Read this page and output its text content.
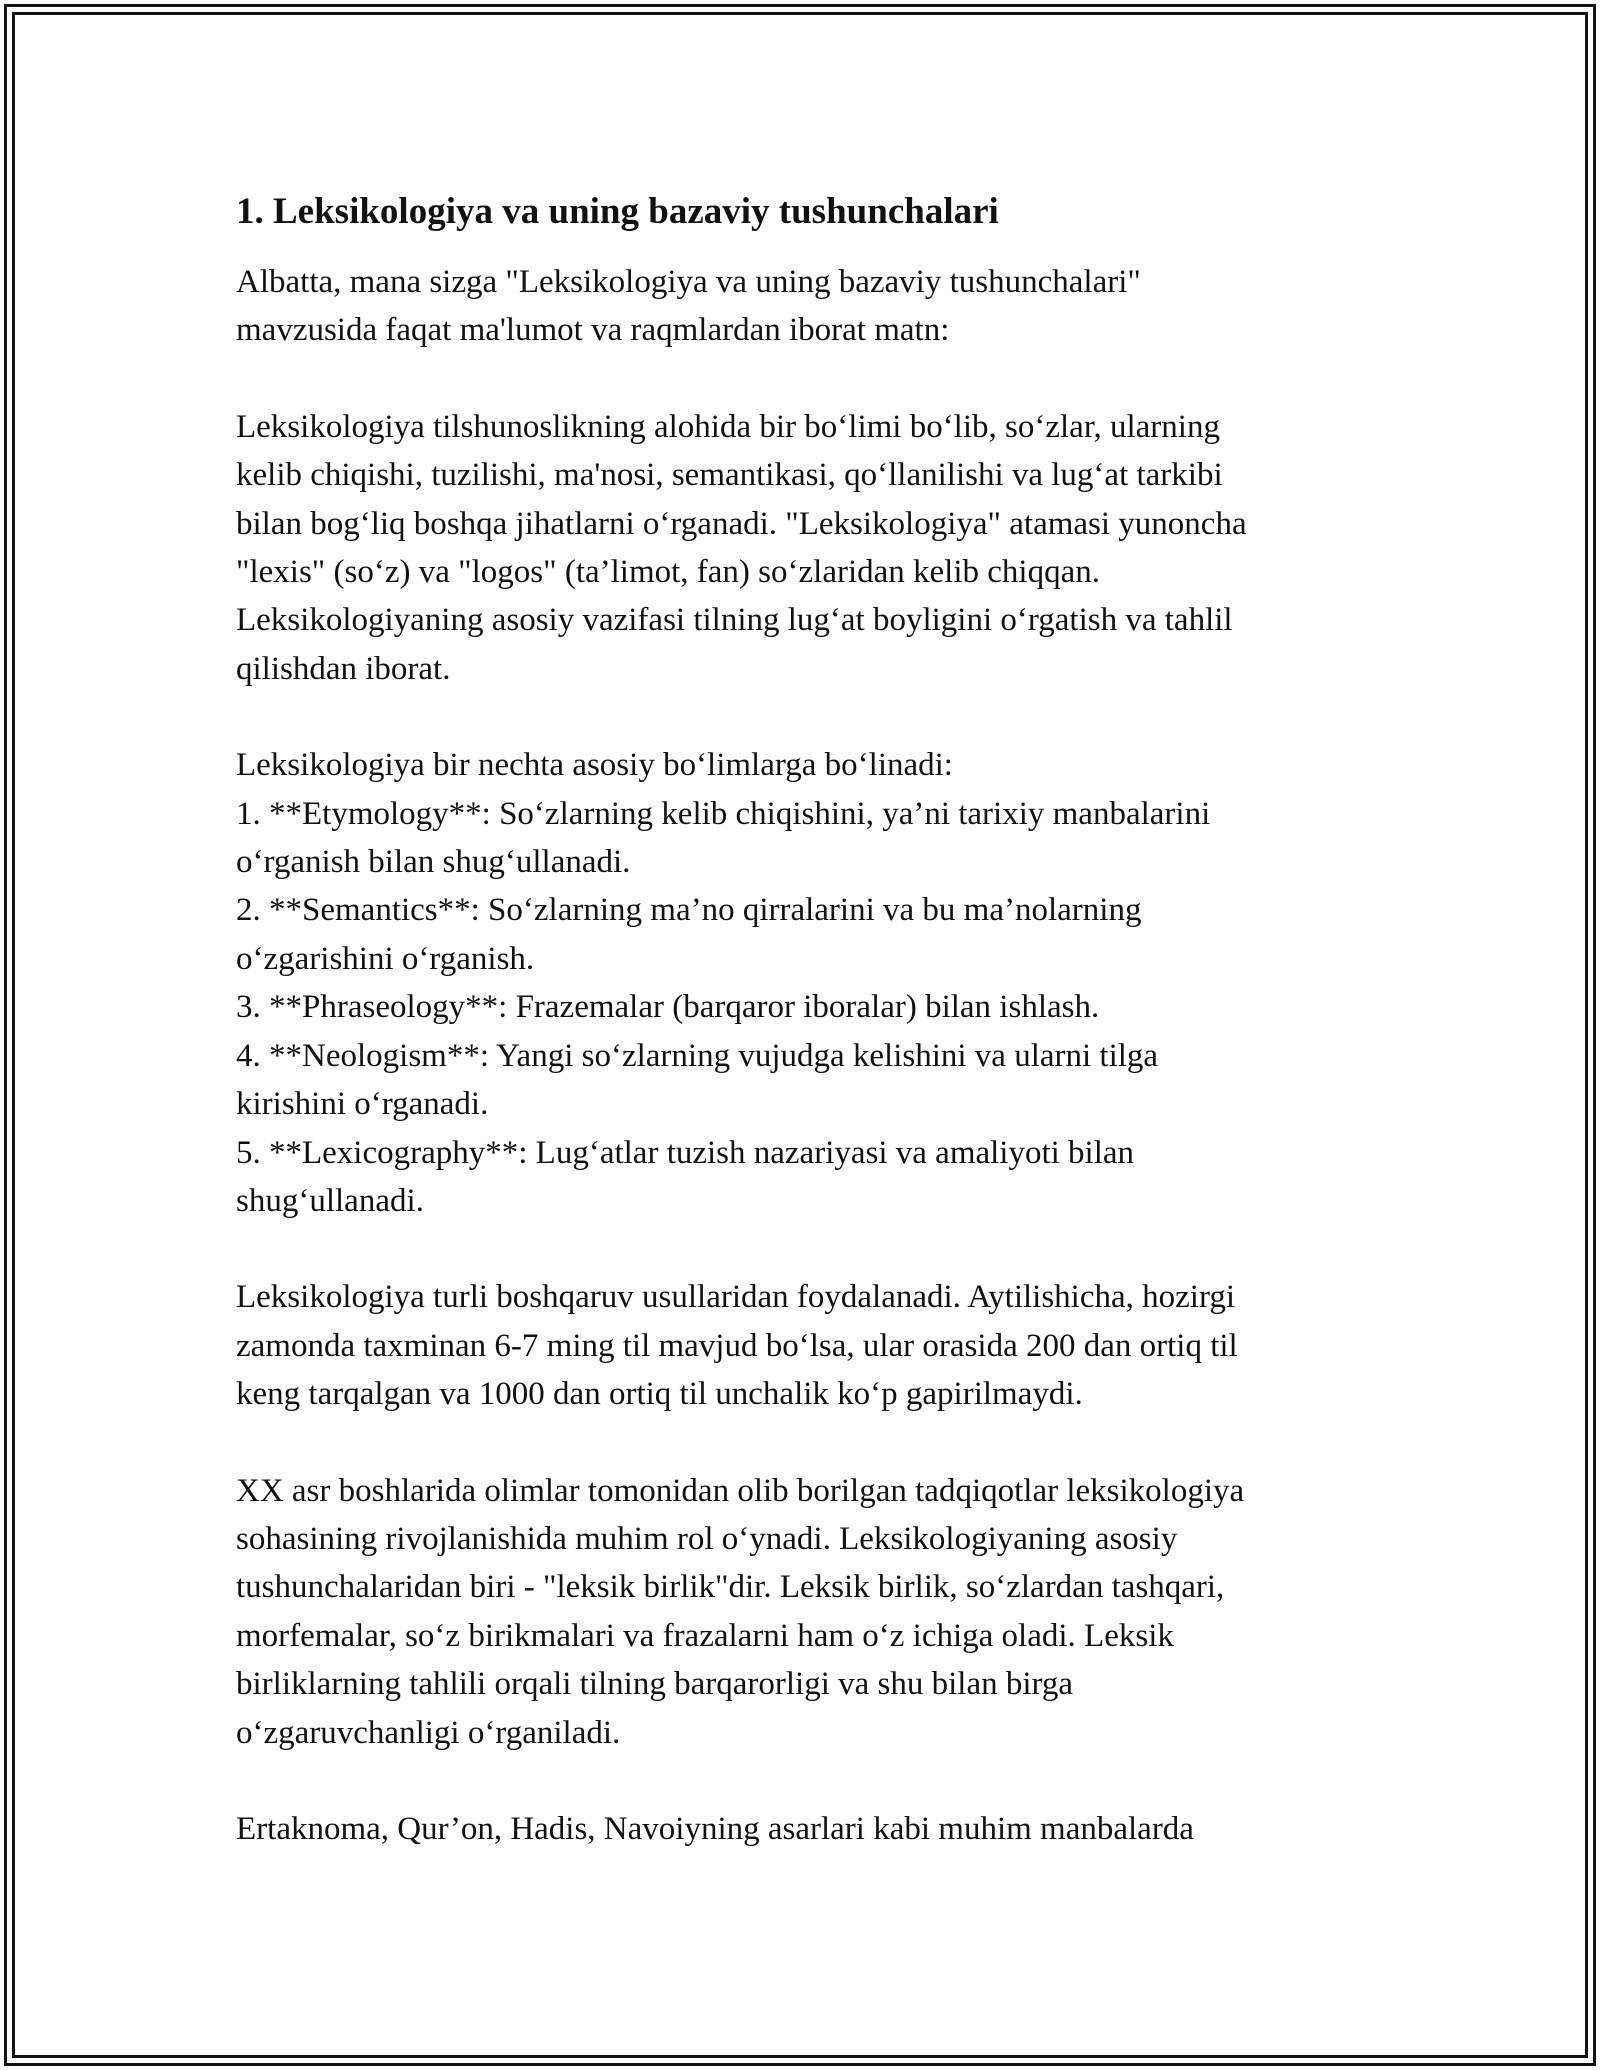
1. Leksikologiya va uning bazaviy tushunchalari

Albatta, mana sizga "Leksikologiya va uning bazaviy tushunchalari"
mavzusida faqat ma'lumot va raqmlardan iborat matn:

Leksikologiya tilshunoslikning alohida bir boʻlimi boʻlib, soʻzlar, ularning
kelib chiqishi, tuzilishi, ma'nosi, semantikasi, qoʻllanilishi va lugʻat tarkibi
bilan bogʻliq boshqa jihatlarni oʻrganadi. "Leksikologiya" atamasi yunoncha
"lexis" (soʻz) va "logos" (ta’limot, fan) soʻzlaridan kelib chiqqan.
Leksikologiyaning asosiy vazifasi tilning lugʻat boyligini oʻrgatish va tahlil
qilishdan iborat.

Leksikologiya bir nechta asosiy boʻlimlarga boʻlinadi:
1. **Etymology**: Soʻzlarning kelib chiqishini, ya’ni tarixiy manbalarini
oʻrganish bilan shugʻullanadi.
2. **Semantics**: Soʻzlarning ma’no qirralarini va bu ma’nolarning
oʻzgarishini oʻrganish.
3. **Phraseology**: Frazemalar (barqaror iboralar) bilan ishlash.
4. **Neologism**: Yangi soʻzlarning vujudga kelishini va ularni tilga
kirishini oʻrganadi.
5. **Lexicography**: Lugʻatlar tuzish nazariyasi va amaliyoti bilan
shugʻullanadi.

Leksikologiya turli boshqaruv usullaridan foydalanadi. Aytilishicha, hozirgi
zamonda taxminan 6-7 ming til mavjud boʻlsa, ular orasida 200 dan ortiq til
keng tarqalgan va 1000 dan ortiq til unchalik koʻp gapirilmaydi.

XX asr boshlarida olimlar tomonidan olib borilgan tadqiqotlar leksikologiya
sohasining rivojlanishida muhim rol oʻynadi. Leksikologiyaning asosiy
tushunchalaridan biri - "leksik birlik"dir. Leksik birlik, soʻzlardan tashqari,
morfemalar, soʻz birikmalari va frazalarni ham oʻz ichiga oladi. Leksik
birliklarning tahlili orqali tilning barqarorligi va shu bilan birga
oʻzgaruvchanligi oʻrganiladi.

Ertaknoma, Qur’on, Hadis, Navoiyning asarlari kabi muhim manbalarda
